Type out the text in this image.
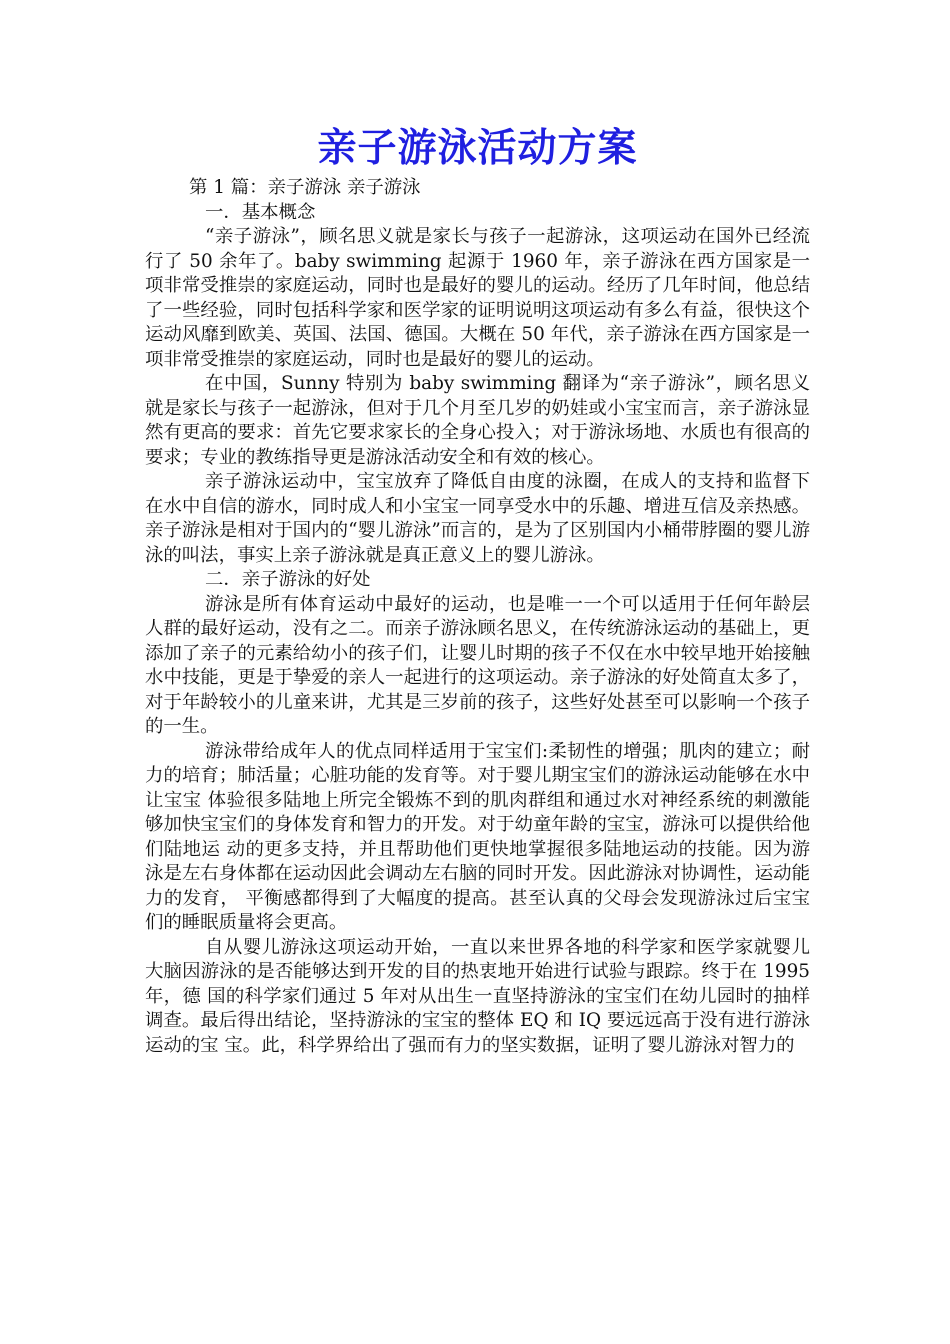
亲子游泳活动方案

第 1 篇：亲子游泳 亲子游泳

一．基本概念

“亲子游泳”，顾名思义就是家长与孩子一起游泳，这项运动在国外已经流行了 50 余年了。baby swimming 起源于 1960 年，亲子游泳在西方国家是一项非常受推崇的家庭运动，同时也是最好的婴儿的运动。经历了几年时间，他总结了一些经验，同时包括科学家和医学家的证明说明这项运动有多么有益，很快这个运动风靡到欧美、英国、法国、德国。大概在 50 年代，亲子游泳在西方国家是一项非常受推崇的家庭运动，同时也是最好的婴儿的运动。

在中国，Sunny 特别为 baby swimming 翻译为“亲子游泳”，顾名思义就是家长与孩子一起游泳，但对于几个月至几岁的奶娃或小宝宝而言，亲子游泳显然有更高的要求：首先它要求家长的全身心投入；对于游泳场地、水质也有很高的要求；专业的教练指导更是游泳活动安全和有效的核心。

亲子游泳运动中，宝宝放弃了降低自由度的泳圈，在成人的支持和监督下在水中自信的游水，同时成人和小宝宝一同享受水中的乐趣、增进互信及亲热感。亲子游泳是相对于国内的“婴儿游泳”而言的，是为了区别国内小桶带脖圈的婴儿游泳的叫法，事实上亲子游泳就是真正意义上的婴儿游泳。

二．亲子游泳的好处

游泳是所有体育运动中最好的运动，也是唯一一个可以适用于任何年龄层人群的最好运动，没有之二。而亲子游泳顾名思义，在传统游泳运动的基础上，更添加了亲子的元素给幼小的孩子们，让婴儿时期的孩子不仅在水中较早地开始接触水中技能，更是于挚爱的亲人一起进行的这项运动。亲子游泳的好处简直太多了，对于年龄较小的儿童来讲，尤其是三岁前的孩子，这些好处甚至可以影响一个孩子的一生。

游泳带给成年人的优点同样适用于宝宝们:柔韧性的增强；肌肉的建立；耐力的培育；肺活量；心脏功能的发育等。对于婴儿期宝宝们的游泳运动能够在水中让宝宝 体验很多陆地上所完全锻炼不到的肌肉群组和通过水对神经系统的刺激能够加快宝宝们的身体发育和智力的开发。对于幼童年龄的宝宝，游泳可以提供给他们陆地运 动的更多支持，并且帮助他们更快地掌握很多陆地运动的技能。因为游泳是左右身体都在运动因此会调动左右脑的同时开发。因此游泳对协调性，运动能力的发育， 平衡感都得到了大幅度的提高。甚至认真的父母会发现游泳过后宝宝们的睡眠质量将会更高。

自从婴儿游泳这项运动开始，一直以来世界各地的科学家和医学家就婴儿大脑因游泳的是否能够达到开发的目的热衷地开始进行试验与跟踪。终于在 1995 年，德 国的科学家们通过 5 年对从出生一直坚持游泳的宝宝们在幼儿园时的抽样调查。最后得出结论，坚持游泳的宝宝的整体 EQ 和 IQ 要远远高于没有进行游泳运动的宝 宝。此，科学界给出了强而有力的坚实数据，证明了婴儿游泳对智力的
